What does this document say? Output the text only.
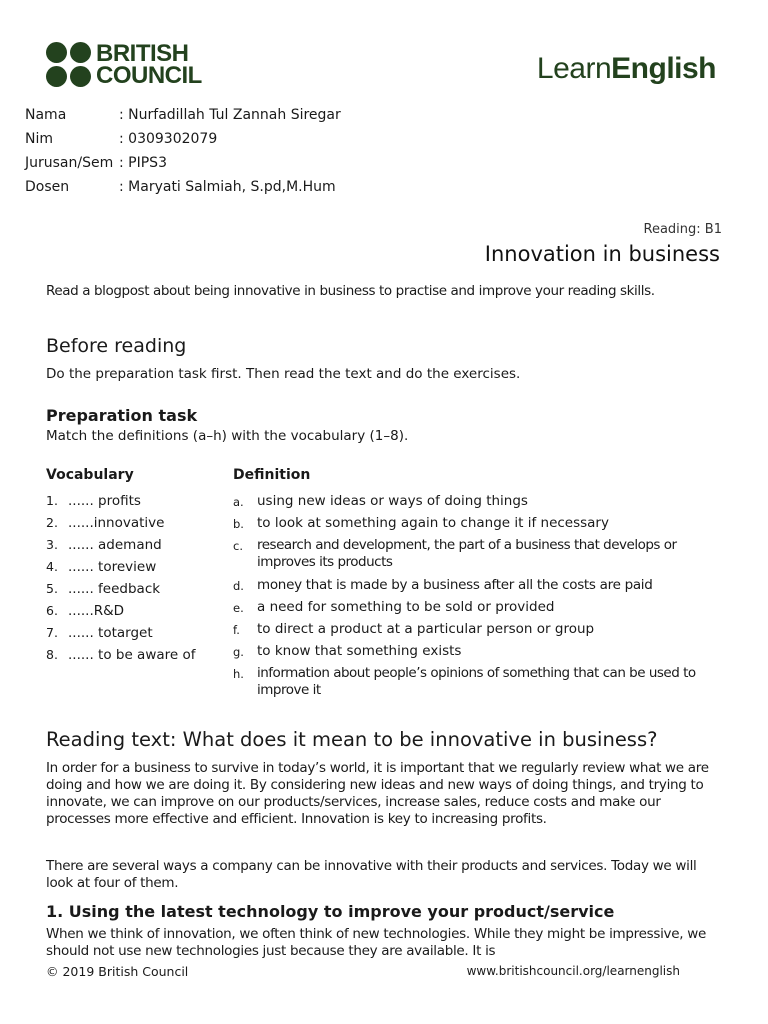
BRITISH
COUNCIL	LearnEnglish
Nama	: Nurfadillah Tul Zannah Siregar
Nim	: 0309302079
Jurusan/Sem : PIPS3
Dosen	: Maryati Salmiah, S.pd,M.Hum
Reading: B1
Innovation in business
Read a blogpost about being innovative in business to practise and improve your reading skills.
Before reading
Do the preparation task first. Then read the text and do the exercises.
Preparation task
Match the definitions (a–h) with the vocabulary (1–8).
Vocabulary
1. ...... profits
2. ......innovative
3. ...... ademand
4. ...... toreview
5. ...... feedback
6. ......R&D
7. ...... totarget
8. ...... to be aware of
Definition
a. using new ideas or ways of doing things
b. to look at something again to change it if necessary
c.	research and development, the part of a business that develops or improves its products
d. money that is made by a business after all the costs are paid
e. a need for something to be sold or provided
f.	to direct a product at a particular person or group
g. to know that something exists
h. information about people’s opinions of something that can be used to improve it
Reading text: What does it mean to be innovative in business?

In order for a business to survive in today’s world, it is important that we regularly review what we are doing and how we are doing it. By considering new ideas and new ways of doing things, and trying to innovate, we can improve on our products/services, increase sales, reduce costs and make our processes more effective and efficient. Innovation is key to increasing profits.

There are several ways a company can be innovative with their products and services. Today we will look at four of them.

1. Using the latest technology to improve your product/service

When we think of innovation, we often think of new technologies. While they might be impressive, we should not use new technologies just because they are available. It is

© 2019 British Council	www.britishcouncil.org/learnenglish
